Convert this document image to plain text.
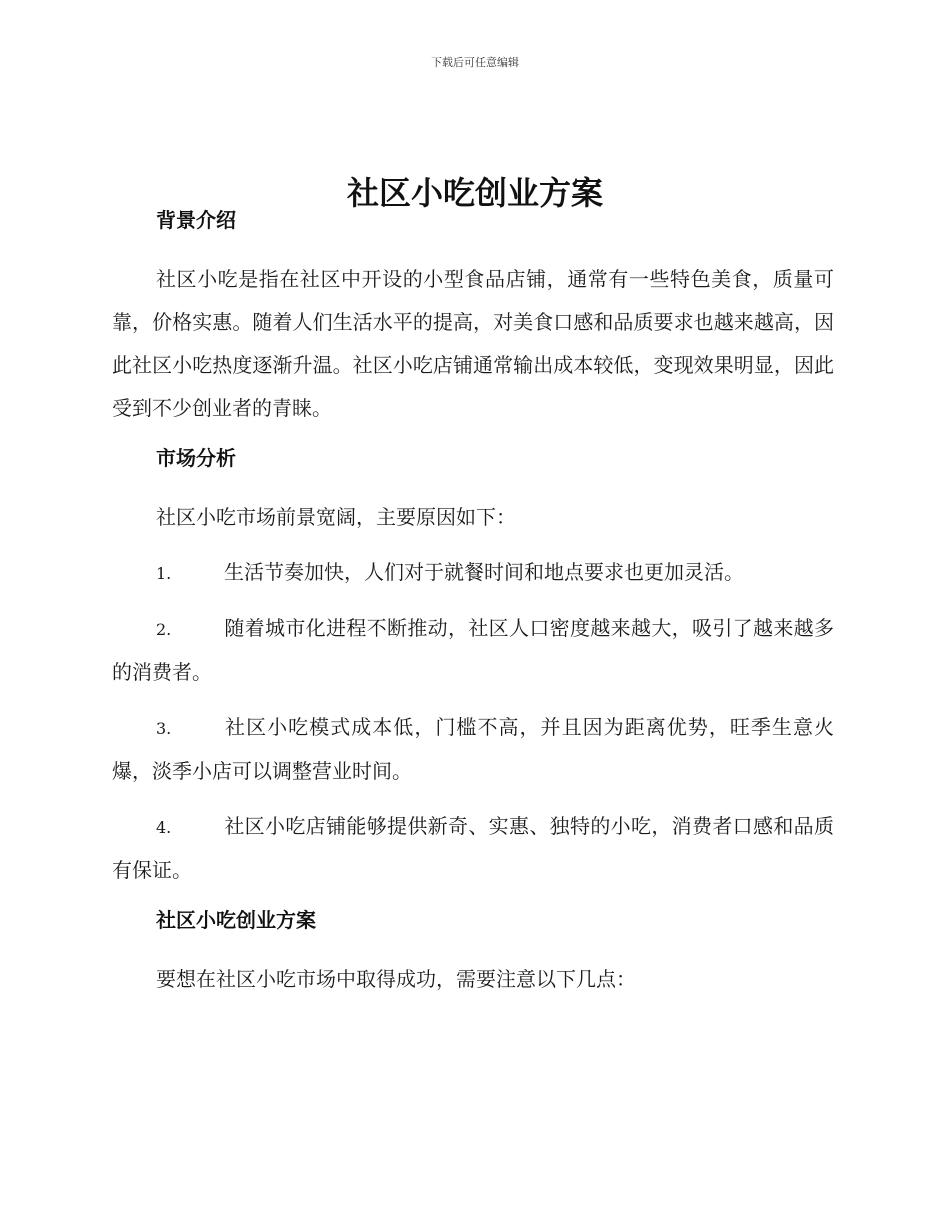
下载后可任意编辑
社区小吃创业方案
背景介绍

社区小吃是指在社区中开设的小型食品店铺，通常有一些特色美食，质量可靠，价格实惠。随着人们生活水平的提高，对美食口感和品质要求也越来越高，因此社区小吃热度逐渐升温。社区小吃店铺通常输出成本较低，变现效果明显，因此受到不少创业者的青睐。

市场分析

社区小吃市场前景宽阔，主要原因如下：

1.	生活节奏加快，人们对于就餐时间和地点要求也更加灵活。

2.	随着城市化进程不断推动，社区人口密度越来越大，吸引了越来越多的消费者。

3.	社区小吃模式成本低，门槛不高，并且因为距离优势，旺季生意火爆，淡季小店可以调整营业时间。

4.	社区小吃店铺能够提供新奇、实惠、独特的小吃，消费者口感和品质有保证。

社区小吃创业方案

要想在社区小吃市场中取得成功，需要注意以下几点：
